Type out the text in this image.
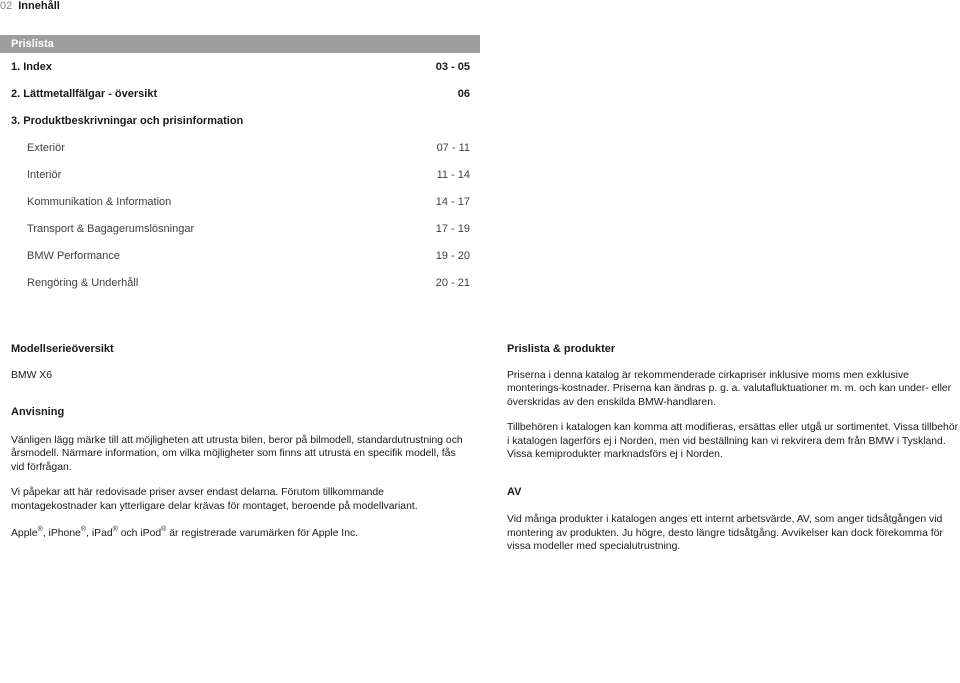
02 Innehåll
Prislista
1. Index	03 - 05
2. Lättmetallfälgar - översikt	06
3. Produktbeskrivningar och prisinformation
Exteriör	07 - 11
Interiör	11 - 14
Kommunikation & Information	14 - 17
Transport & Bagagerumslösningar	17 - 19
BMW Performance	19 - 20
Rengöring & Underhåll	20 - 21
Modellserieöversikt

BMW X6

Anvisning

Vänligen lägg märke till att möjligheten att utrusta bilen, beror på bilmodell, standardutrustning och årsmodell. Närmare information, om vilka möjligheter som finns att utrusta en specifik modell, fås vid förfrågan.

Vi påpekar att här redovisade priser avser endast delarna. Förutom tillkommande montagekostnader kan ytterligare delar krävas för montaget, beroende på modellvariant.

Apple®, iPhone®, iPad® och iPod® är registrerade varumärken för Apple Inc.

Prislista & produkter

Priserna i denna katalog är rekommenderade cirkapriser inklusive moms men exklusive monterings-kostnader. Priserna kan ändras p. g. a. valutafluktuationer m. m. och kan under- eller överskridas av den enskilda BMW-handlaren.

Tillbehören i katalogen kan komma att modifieras, ersättas eller utgå ur sortimentet. Vissa tillbehör i katalogen lagerförs ej i Norden, men vid beställning kan vi rekvirera dem från BMW i Tyskland. Vissa kemiprodukter marknadsförs ej i Norden.

AV

Vid många produkter i katalogen anges ett internt arbetsvärde, AV, som anger tidsåtgången vid montering av produkten. Ju högre, desto längre tidsåtgång. Avvikelser kan dock förekomma för vissa modeller med specialutrustning.
